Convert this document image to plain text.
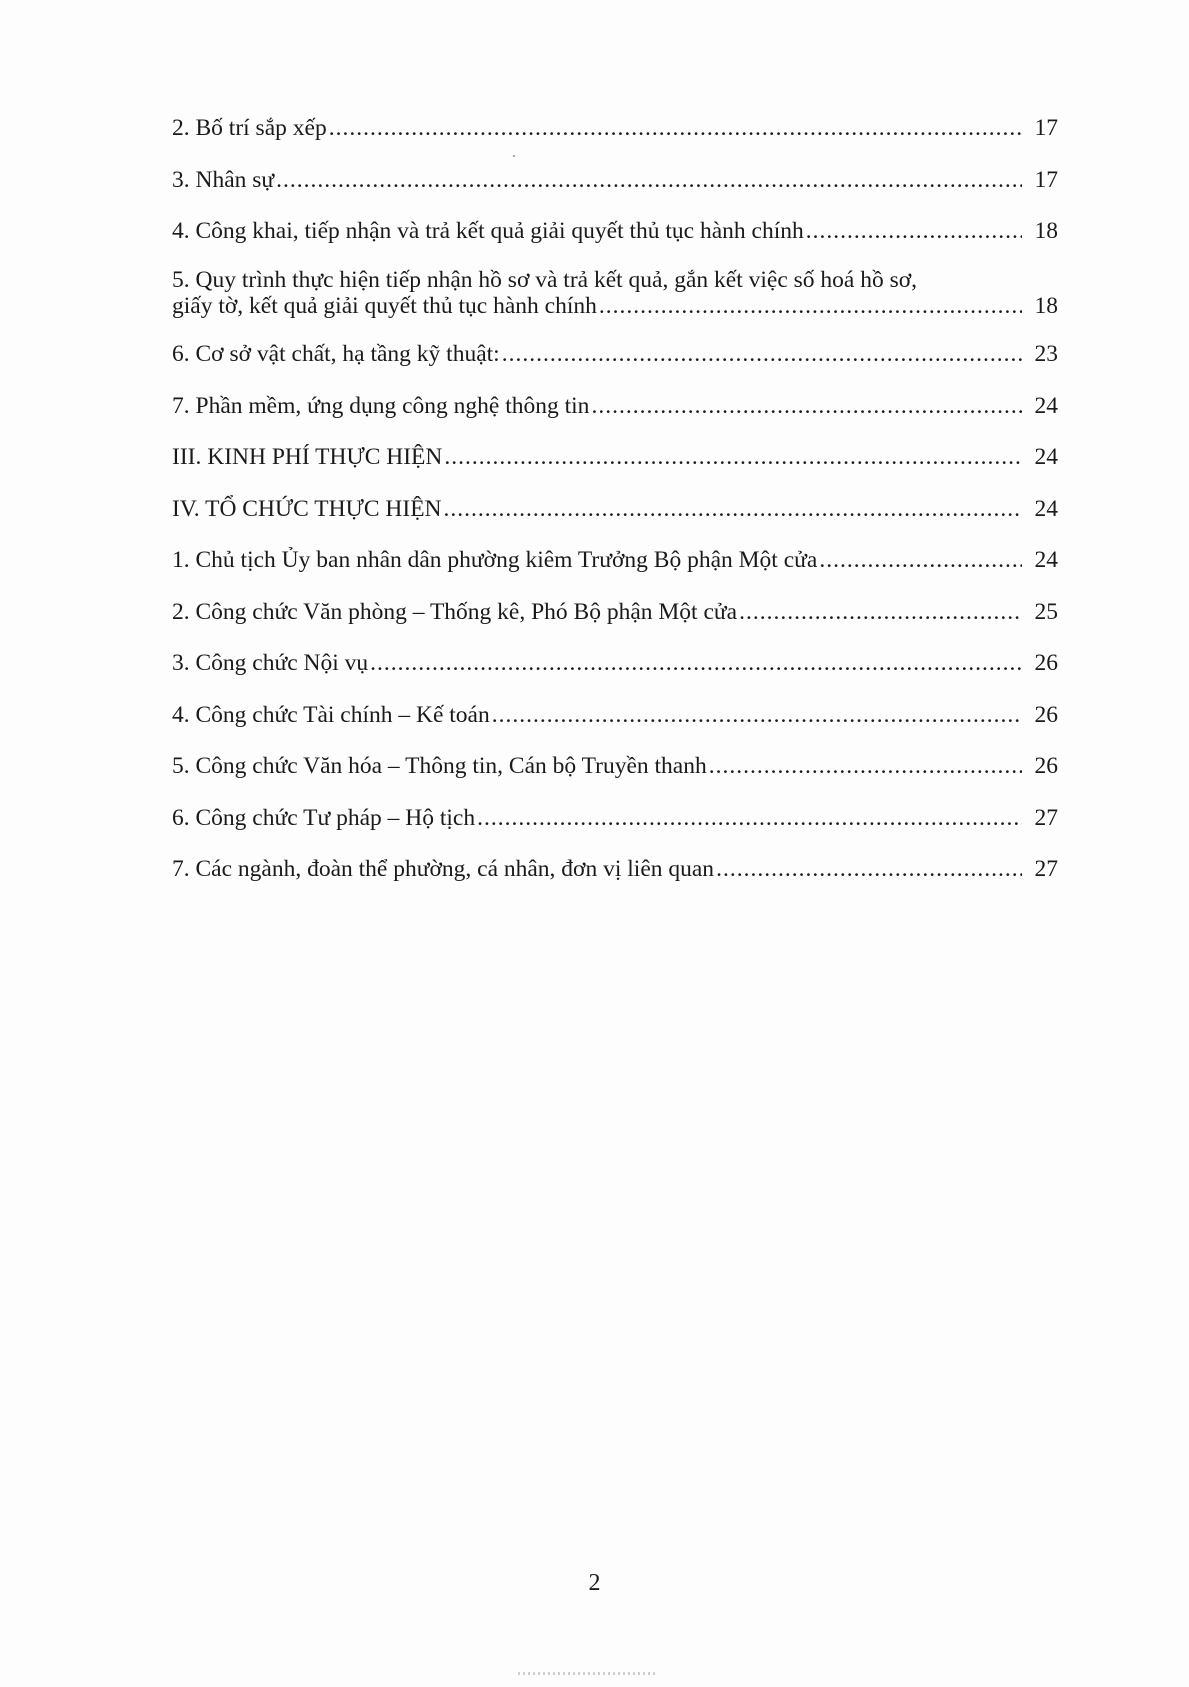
2. Bố trí sắp xếp .....	17
3. Nhân sự .....	17
4. Công khai, tiếp nhận và trả kết quả giải quyết thủ tục hành chính .....	18
5. Quy trình thực hiện tiếp nhận hồ sơ và trả kết quả, gắn kết việc số hoá hồ sơ,
giấy tờ, kết quả giải quyết thủ tục hành chính .....	18
6. Cơ sở vật chất, hạ tầng kỹ thuật: .....	23
7. Phần mềm, ứng dụng công nghệ thông tin .....	24
III. KINH PHÍ THỰC HIỆN .....	24
IV. TỔ CHỨC THỰC HIỆN .....	24
1. Chủ tịch Ủy ban nhân dân phường kiêm Trưởng Bộ phận Một cửa .....	24
2. Công chức Văn phòng – Thống kê, Phó Bộ phận Một cửa .....	25
3. Công chức Nội vụ .....	26
4. Công chức Tài chính – Kế toán .....	26
5. Công chức Văn hóa – Thông tin, Cán bộ Truyền thanh .....	26
6. Công chức Tư pháp – Hộ tịch .....	27
7. Các ngành, đoàn thể phường, cá nhân, đơn vị liên quan .....	27
2
